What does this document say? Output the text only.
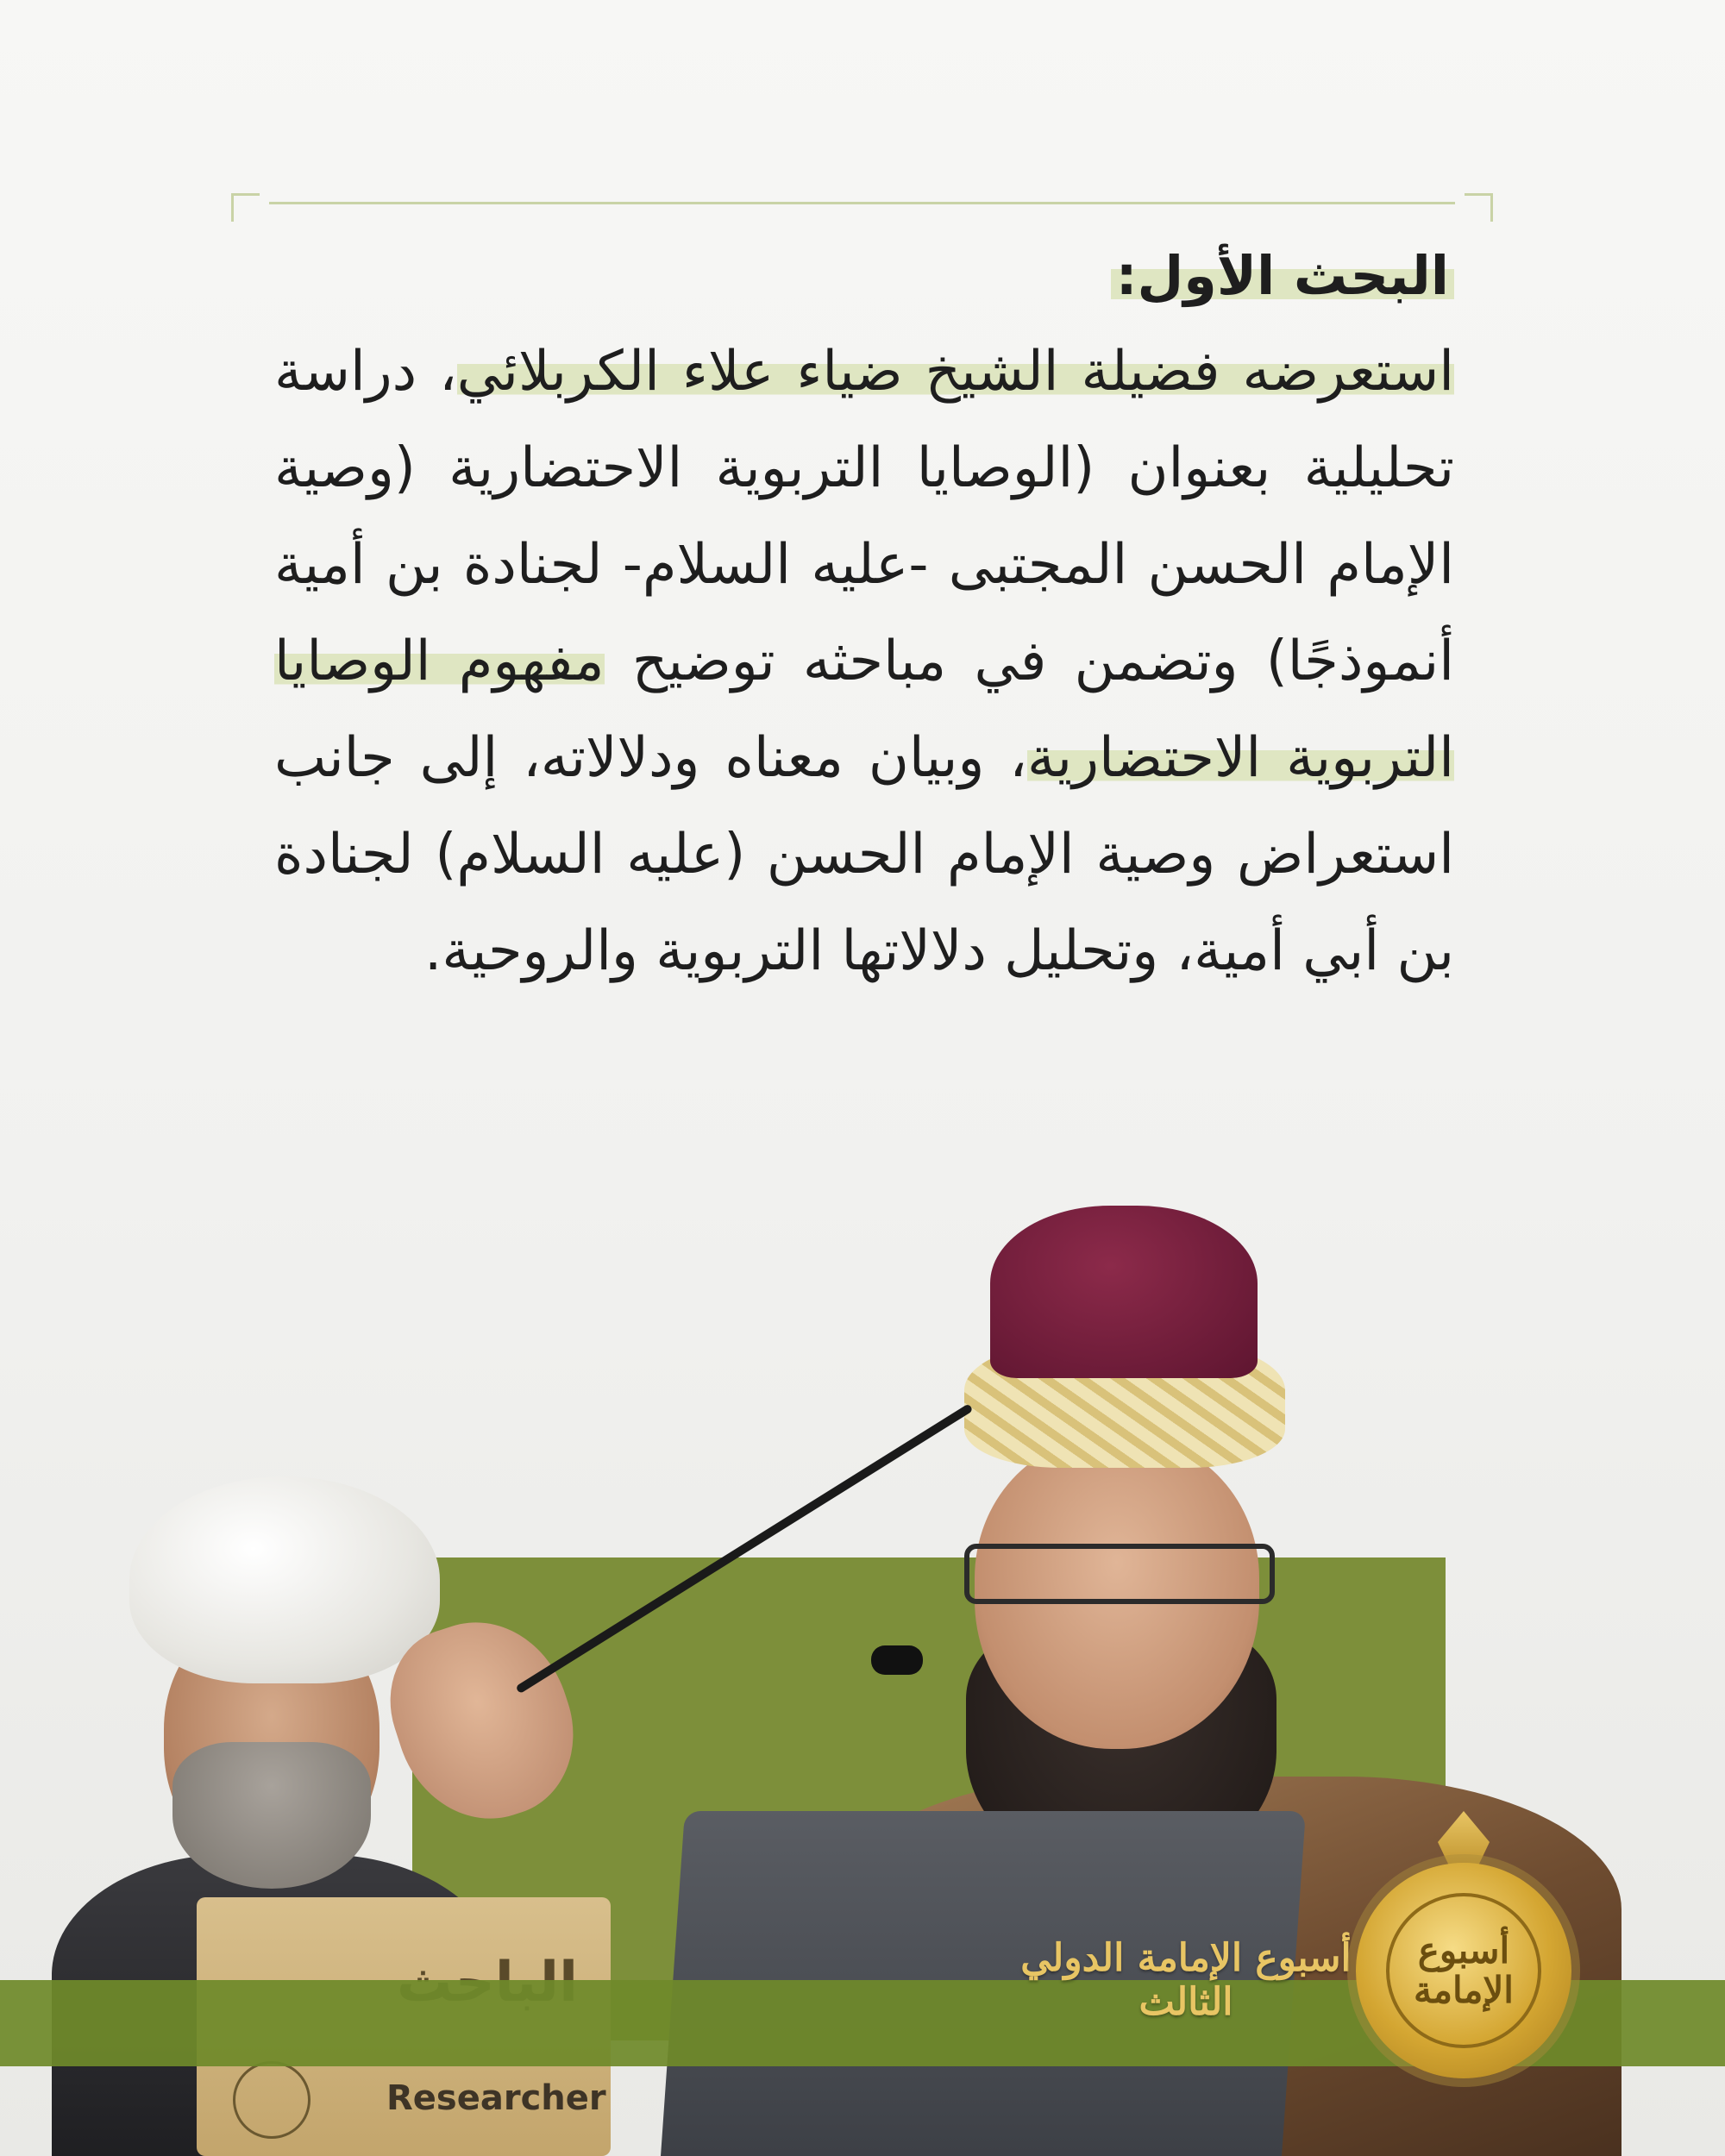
البحث الأول:

استعرضه فضيلة الشيخ ضياء علاء الكربلائي، دراسة تحليلية بعنوان (الوصايا التربوية الاحتضارية (وصية الإمام الحسن المجتبى -عليه السلام- لجنادة بن أمية أنموذجًا) وتضمن في مباحثه توضيح مفهوم الوصايا التربوية الاحتضارية، وبيان معناه ودلالاته، إلى جانب استعراض وصية الإمام الحسن (عليه السلام) لجنادة بن أبي أمية، وتحليل دلالاتها التربوية والروحية.

Researcher
أسبوع الإمامة الدولي الثالث
أسبوع الإمامة
